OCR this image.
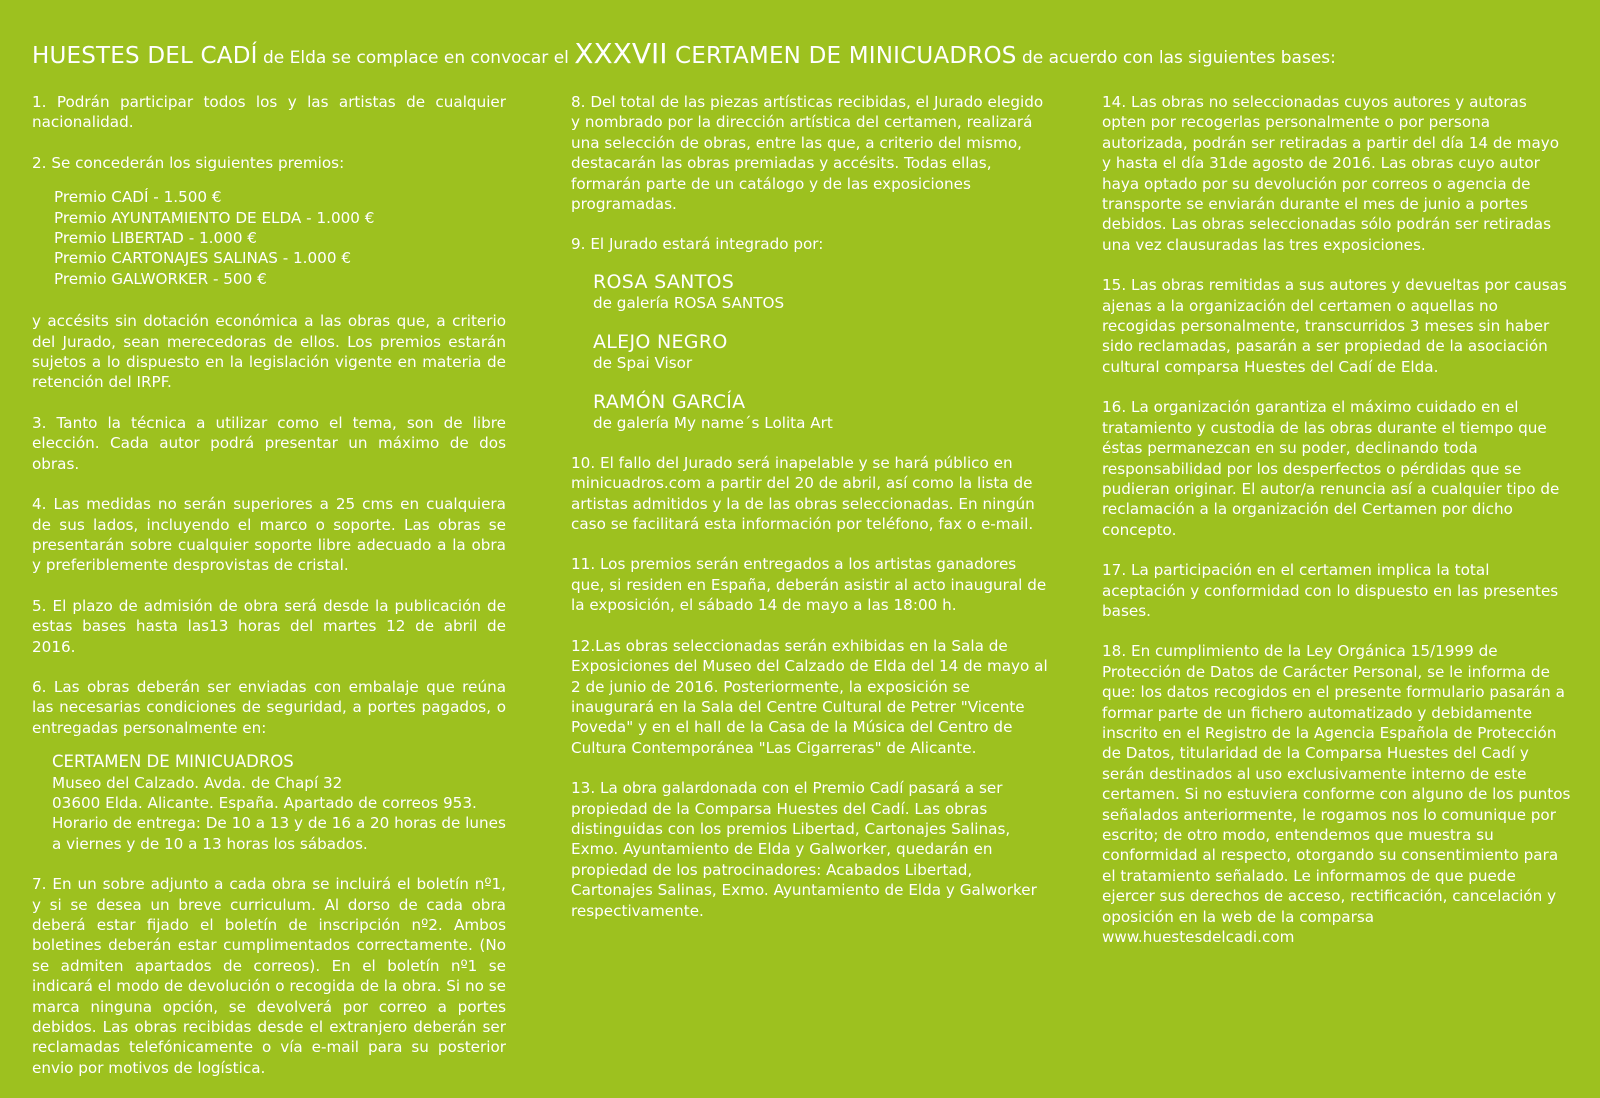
HUESTES DEL CADÍ de Elda se complace en convocar el XXXVII CERTAMEN DE MINICUADROS de acuerdo con las siguientes bases:
1. Podrán participar todos los y las artistas de cualquier nacionalidad.
2. Se concederán los siguientes premios:
Premio CADÍ - 1.500 €
Premio AYUNTAMIENTO DE ELDA - 1.000 €
Premio LIBERTAD - 1.000 €
Premio CARTONAJES SALINAS - 1.000 €
Premio GALWORKER - 500 €
y accésits sin dotación económica a las obras que, a criterio del Jurado, sean merecedoras de ellos. Los premios estarán sujetos a lo dispuesto en la legislación vigente en materia de retención del IRPF.
3. Tanto la técnica a utilizar como el tema, son de libre elección. Cada autor podrá presentar un máximo de dos obras.
4. Las medidas no serán superiores a 25 cms en cualquiera de sus lados, incluyendo el marco o soporte. Las obras se presentarán sobre cualquier soporte libre adecuado a la obra y preferiblemente desprovistas de cristal.
5. El plazo de admisión de obra será desde la publicación de estas bases hasta las13 horas del martes 12 de abril de 2016.
6. Las obras deberán ser enviadas con embalaje que reúna las necesarias condiciones de seguridad, a portes pagados, o entregadas personalmente en:
CERTAMEN DE MINICUADROS
Museo del Calzado. Avda. de Chapí 32
03600 Elda. Alicante. España. Apartado de correos 953.
Horario de entrega: De 10 a 13 y de 16 a 20 horas de lunes a viernes y de 10 a 13 horas los sábados.
7. En un sobre adjunto a cada obra se incluirá el boletín nº1, y si se desea un breve curriculum. Al dorso de cada obra deberá estar fijado el boletín de inscripción nº2. Ambos boletines deberán estar cumplimentados correctamente. (No se admiten apartados de correos). En el boletín nº1 se indicará el modo de devolución o recogida de la obra. Si no se marca ninguna opción, se devolverá por correo a portes debidos. Las obras recibidas desde el extranjero deberán ser reclamadas telefónicamente o vía e-mail para su posterior envio por motivos de logística.
8. Del total de las piezas artísticas recibidas, el Jurado elegido y nombrado por la dirección artística del certamen, realizará una selección de obras, entre las que, a criterio del mismo, destacarán las obras premiadas y accésits. Todas ellas, formarán parte de un catálogo y de las exposiciones programadas.
9. El Jurado estará integrado por:
ROSA SANTOS
de galería ROSA SANTOS
ALEJO NEGRO
de Spai Visor
RAMÓN GARCÍA
de galería My name´s Lolita Art
10. El fallo del Jurado será inapelable y se hará público en minicuadros.com a partir del 20 de abril, así como la lista de artistas admitidos y la de las obras seleccionadas. En ningún caso se facilitará esta información por teléfono, fax o e-mail.
11. Los premios serán entregados a los artistas ganadores que, si residen en España, deberán asistir al acto inaugural de la exposición, el sábado 14 de mayo a las 18:00 h.
12.Las obras seleccionadas serán exhibidas en la Sala de Exposiciones del Museo del Calzado de Elda del 14 de mayo al 2 de junio de 2016. Posteriormente, la exposición se inaugurará en la Sala del Centre Cultural de Petrer "Vicente Poveda" y en el hall de la Casa de la Música del Centro de Cultura Contemporánea "Las Cigarreras" de Alicante.
13. La obra galardonada con el Premio Cadí pasará a ser propiedad de la Comparsa Huestes del Cadí. Las obras distinguidas con los premios Libertad, Cartonajes Salinas, Exmo. Ayuntamiento de Elda y Galworker, quedarán en propiedad de los patrocinadores: Acabados Libertad, Cartonajes Salinas, Exmo. Ayuntamiento de Elda y Galworker respectivamente.
14. Las obras no seleccionadas cuyos autores y autoras opten por recogerlas personalmente o por persona autorizada, podrán ser retiradas a partir del día 14 de mayo y hasta el día 31de agosto de 2016. Las obras cuyo autor haya optado por su devolución por correos o agencia de transporte se enviarán durante el mes de junio a portes debidos. Las obras seleccionadas sólo podrán ser retiradas una vez clausuradas las tres exposiciones.
15. Las obras remitidas a sus autores y devueltas por causas ajenas a la organización del certamen o aquellas no recogidas personalmente, transcurridos 3 meses sin haber sido reclamadas, pasarán a ser propiedad de la asociación cultural comparsa Huestes del Cadí de Elda.
16. La organización garantiza el máximo cuidado en el tratamiento y custodia de las obras durante el tiempo que éstas permanezcan en su poder, declinando toda responsabilidad por los desperfectos o pérdidas que se pudieran originar. El autor/a renuncia así a cualquier tipo de reclamación a la organización del Certamen por dicho concepto.
17. La participación en el certamen implica la total aceptación y conformidad con lo dispuesto en las presentes bases.
18. En cumplimiento de la Ley Orgánica 15/1999 de Protección de Datos de Carácter Personal, se le informa de que: los datos recogidos en el presente formulario pasarán a formar parte de un fichero automatizado y debidamente inscrito en el Registro de la Agencia Española de Protección de Datos, titularidad de la Comparsa Huestes del Cadí y serán destinados al uso exclusivamente interno de este certamen. Si no estuviera conforme con alguno de los puntos señalados anteriormente, le rogamos nos lo comunique por escrito; de otro modo, entendemos que muestra su conformidad al respecto, otorgando su consentimiento para el tratamiento señalado. Le informamos de que puede ejercer sus derechos de acceso, rectificación, cancelación y oposición en la web de la comparsa
www.huestesdelcadi.com
